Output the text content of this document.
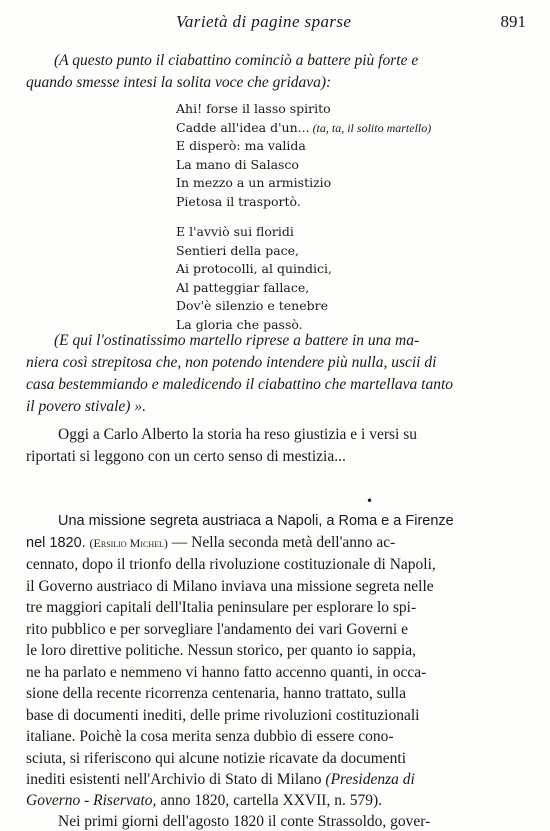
Varietà di pagine sparse	891
(A questo punto il ciabattino cominciò a battere più forte e
quando smesse intesi la solita voce che gridava):
Ahi! forse il lasso spirito
Cadde all'idea d'un... (ta, ta, il solito martello)
E disperò: ma valida
La mano di Salasco
In mezzo a un armistizio
Pietosa il trasportò.
E l'avviò sui floridi
Sentieri della pace,
Ai protocolli, al quindici,
Al patteggiar fallace,
Dov'è silenzio e tenebre
La gloria che passò.
(E qui l'ostinatissimo martello riprese a battere in una ma-
niera così strepitosa che, non potendo intendere più nulla, uscii di
casa bestemmiando e maledicendo il ciabattino che martellava tanto
il povero stivale) ».
Oggi a Carlo Alberto la storia ha reso giustizia e i versi su
riportati si leggono con un certo senso di mestizia...
•
Una missione segreta austriaca a Napoli, a Roma e a Firenze
nel 1820. (Ersilio Michel) — Nella seconda metà dell'anno ac-
cennato, dopo il trionfo della rivoluzione costituzionale di Napoli,
il Governo austriaco di Milano inviava una missione segreta nelle
tre maggiori capitali dell'Italia peninsulare per esplorare lo spi-
rito pubblico e per sorvegliare l'andamento dei vari Governi e
le loro direttive politiche. Nessun storico, per quanto io sappia,
ne ha parlato e nemmeno vi hanno fatto accenno quanti, in occa-
sione della recente ricorrenza centenaria, hanno trattato, sulla
base di documenti inediti, delle prime rivoluzioni costituzionali
italiane. Poichè la cosa merita senza dubbio di essere cono-
sciuta, si riferiscono qui alcune notizie ricavate da documenti
inediti esistenti nell'Archivio di Stato di Milano (Presidenza di
Governo - Riservato, anno 1820, cartella XXVII, n. 579).
Nei primi giorni dell'agosto 1820 il conte Strassoldo, gover-
